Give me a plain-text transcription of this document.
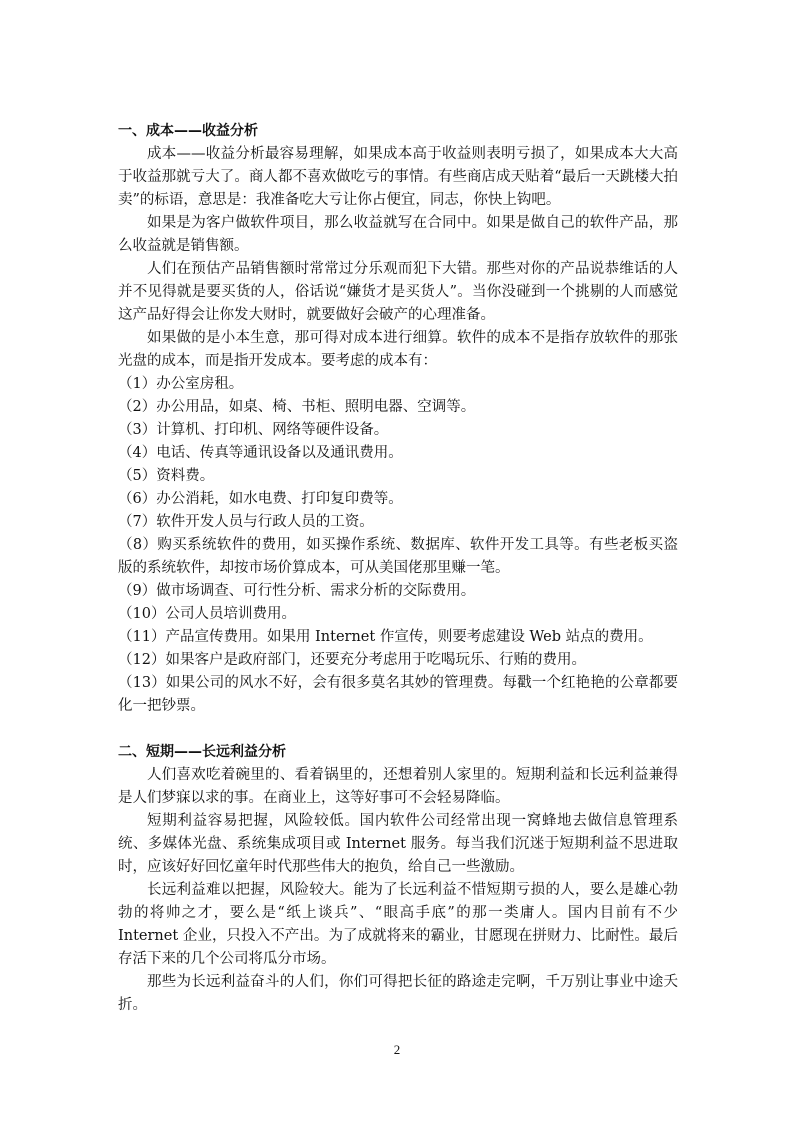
一、成本——收益分析

成本——收益分析最容易理解，如果成本高于收益则表明亏损了，如果成本大大高于收益那就亏大了。商人都不喜欢做吃亏的事情。有些商店成天贴着“最后一天跳楼大拍卖”的标语，意思是：我准备吃大亏让你占便宜，同志，你快上钩吧。

如果是为客户做软件项目，那么收益就写在合同中。如果是做自己的软件产品，那么收益就是销售额。

人们在预估产品销售额时常常过分乐观而犯下大错。那些对你的产品说恭维话的人并不见得就是要买货的人，俗话说“嫌货才是买货人”。当你没碰到一个挑剔的人而感觉这产品好得会让你发大财时，就要做好会破产的心理准备。

如果做的是小本生意，那可得对成本进行细算。软件的成本不是指存放软件的那张光盘的成本，而是指开发成本。要考虑的成本有：

（1）办公室房租。

（2）办公用品，如桌、椅、书柜、照明电器、空调等。

（3）计算机、打印机、网络等硬件设备。

（4）电话、传真等通讯设备以及通讯费用。

（5）资料费。

（6）办公消耗，如水电费、打印复印费等。

（7）软件开发人员与行政人员的工资。

（8）购买系统软件的费用，如买操作系统、数据库、软件开发工具等。有些老板买盗版的系统软件，却按市场价算成本，可从美国佬那里赚一笔。

（9）做市场调查、可行性分析、需求分析的交际费用。

（10）公司人员培训费用。

（11）产品宣传费用。如果用 Internet 作宣传，则要考虑建设 Web 站点的费用。

（12）如果客户是政府部门，还要充分考虑用于吃喝玩乐、行贿的费用。

（13）如果公司的风水不好，会有很多莫名其妙的管理费。每戳一个红艳艳的公章都要化一把钞票。

二、短期——长远利益分析

人们喜欢吃着碗里的、看着锅里的，还想着别人家里的。短期利益和长远利益兼得是人们梦寐以求的事。在商业上，这等好事可不会轻易降临。

短期利益容易把握，风险较低。国内软件公司经常出现一窝蜂地去做信息管理系统、多媒体光盘、系统集成项目或 Internet 服务。每当我们沉迷于短期利益不思进取时，应该好好回忆童年时代那些伟大的抱负，给自己一些激励。

长远利益难以把握，风险较大。能为了长远利益不惜短期亏损的人，要么是雄心勃勃的将帅之才，要么是“纸上谈兵”、“眼高手底”的那一类庸人。国内目前有不少 Internet 企业，只投入不产出。为了成就将来的霸业，甘愿现在拼财力、比耐性。最后存活下来的几个公司将瓜分市场。

那些为长远利益奋斗的人们，你们可得把长征的路途走完啊，千万别让事业中途夭折。

2
